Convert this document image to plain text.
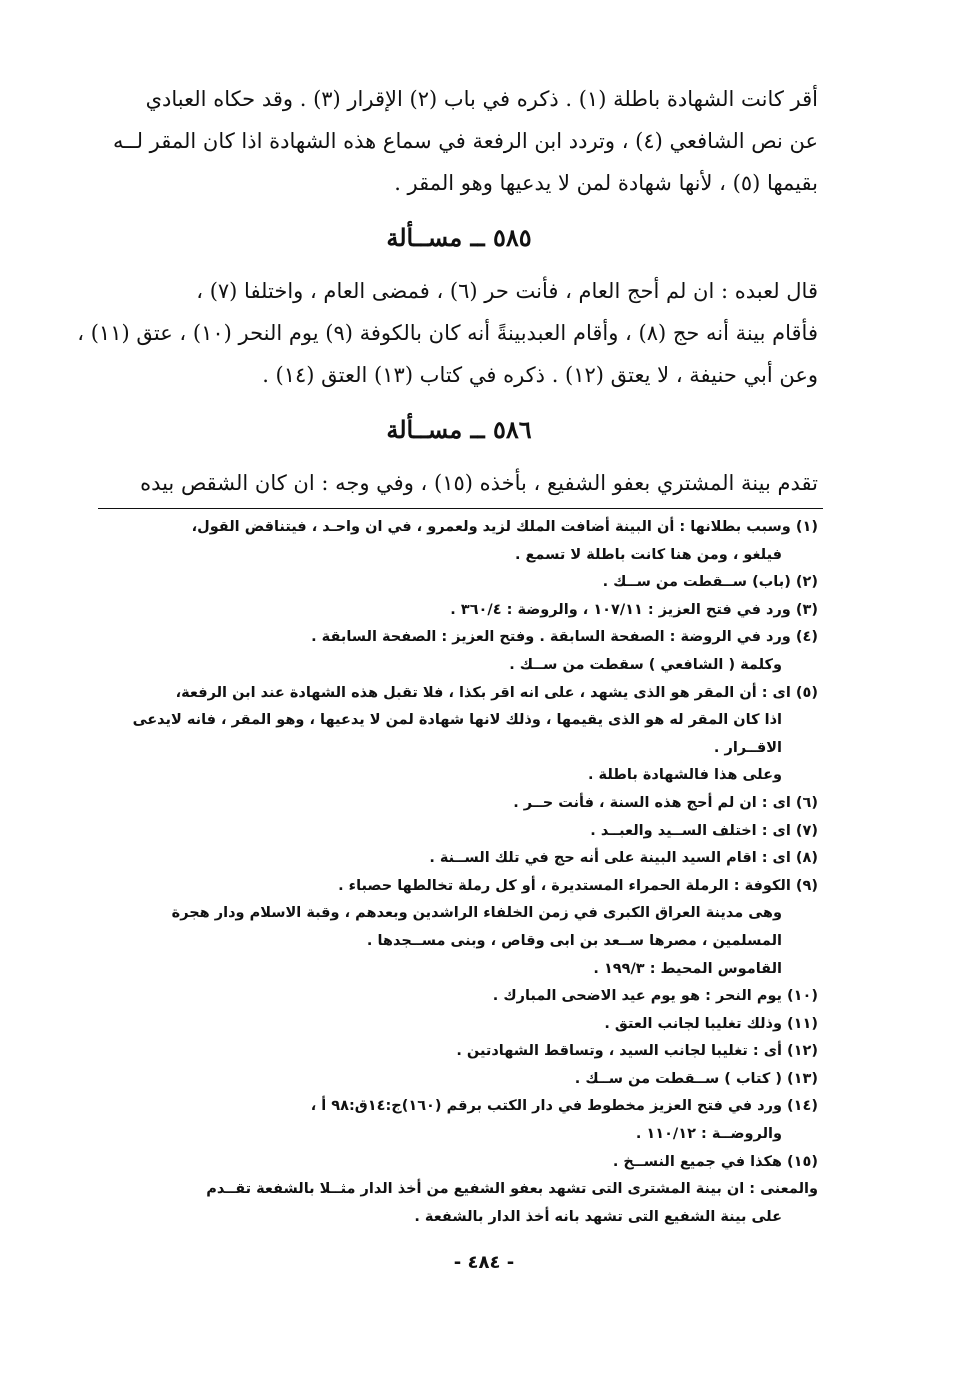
أقر كانت الشهادة باطلة (١) . ذكره في باب (٢) الإقرار (٣) . وقد حكاه العبادي
عن نص الشافعي (٤) ، وتردد ابن الرفعة في سماع هذه الشهادة اذا كان المقر لــه
بقيمها (٥) ، لأنها شهادة لمن لا يدعيها وهو المقر .
٥٨٥ ــ مســألة
قال لعبده : ان لم أحج العام ، فأنت حر (٦) ، فمضى العام ، واختلفا (٧) ،
فأقام بينة أنه حج (٨) ، وأقام العبدبينةً أنه كان بالكوفة (٩) يوم النحر (١٠) ، عتق (١١) ،
وعن أبي حنيفة ، لا يعتق (١٢) . ذكره في كتاب (١٣) العتق (١٤) .
٥٨٦ ــ مســألة
تقدم بينة المشتري بعفو الشفيع ، بأخذه (١٥) ، وفي وجه : ان كان الشقص بيده
(١) وسبب بطلانها : أن البينة أضافت الملك لزيد ولعمرو ، في ان واحـد ، فيتناقض القول،
فيلغو ، ومن هنا كانت باطلة لا تسمع .
(٢) (باب) ســقطت من ســك .
(٣) ورد في فتح العزيز : ١٠٧/١١ ، والروضة : ٣٦٠/٤ .
(٤) ورد في الروضة : الصفحة السابقة . وفتح العزيز : الصفحة السابقة .
وكلمة ( الشافعي ) سقطت من ســك .
(٥) اى : أن المقر هو الذى يشهد ، على انه اقر بكذا ، فلا تقبل هذه الشهادة عند ابن الرفعة،
اذا كان المقر له هو الذى يقيمها ، وذلك لانها شهادة لمن لا يدعيها ، وهو المقر ، فانه لايدعى
الاقــرار .
وعلى هذا فالشهادة باطلة .
(٦) اى : ان لم أحج هذه السنة ، فأنت حــر .
(٧) اى : اختلف الســيد والعبــد .
(٨) اى : اقام السيد البينة على أنه حج في تلك الســنة .
(٩) الكوفة : الرملة الحمراء المستديرة ، أو كل رملة تخالطها حصباء .
وهى مدينة العراق الكبرى في زمن الخلفاء الراشدين وبعدهم ، وقبة الاسلام ودار هجرة
المسلمين ، مصرها ســعد بن ابى وقاص ، وبنى مســجدها .
القاموس المحيط : ١٩٩/٣ .
(١٠) يوم النحر : هو يوم عيد الاضحى المبارك .
(١١) وذلك تغليبا لجانب العتق .
(١٢) أى : تغليبا لجانب السيد ، وتساقط الشهادتين .
(١٣) ( كتاب ) ســقطت من ســك .
(١٤) ورد في فتح العزيز مخطوط في دار الكتب برقم (١٦٠)ج:١٤ق:٩٨ أ ،
والروضــة : ١١٠/١٢ .
(١٥) هكذا في جميع النســخ .
والمعنى : ان بينة المشترى التى تشهد بعفو الشفيع من أخذ الدار مثــلا بالشفعة تقــدم
على بينة الشفيع التى تشهد بانه أخذ الدار بالشفعة .
- ٤٨٤ -
